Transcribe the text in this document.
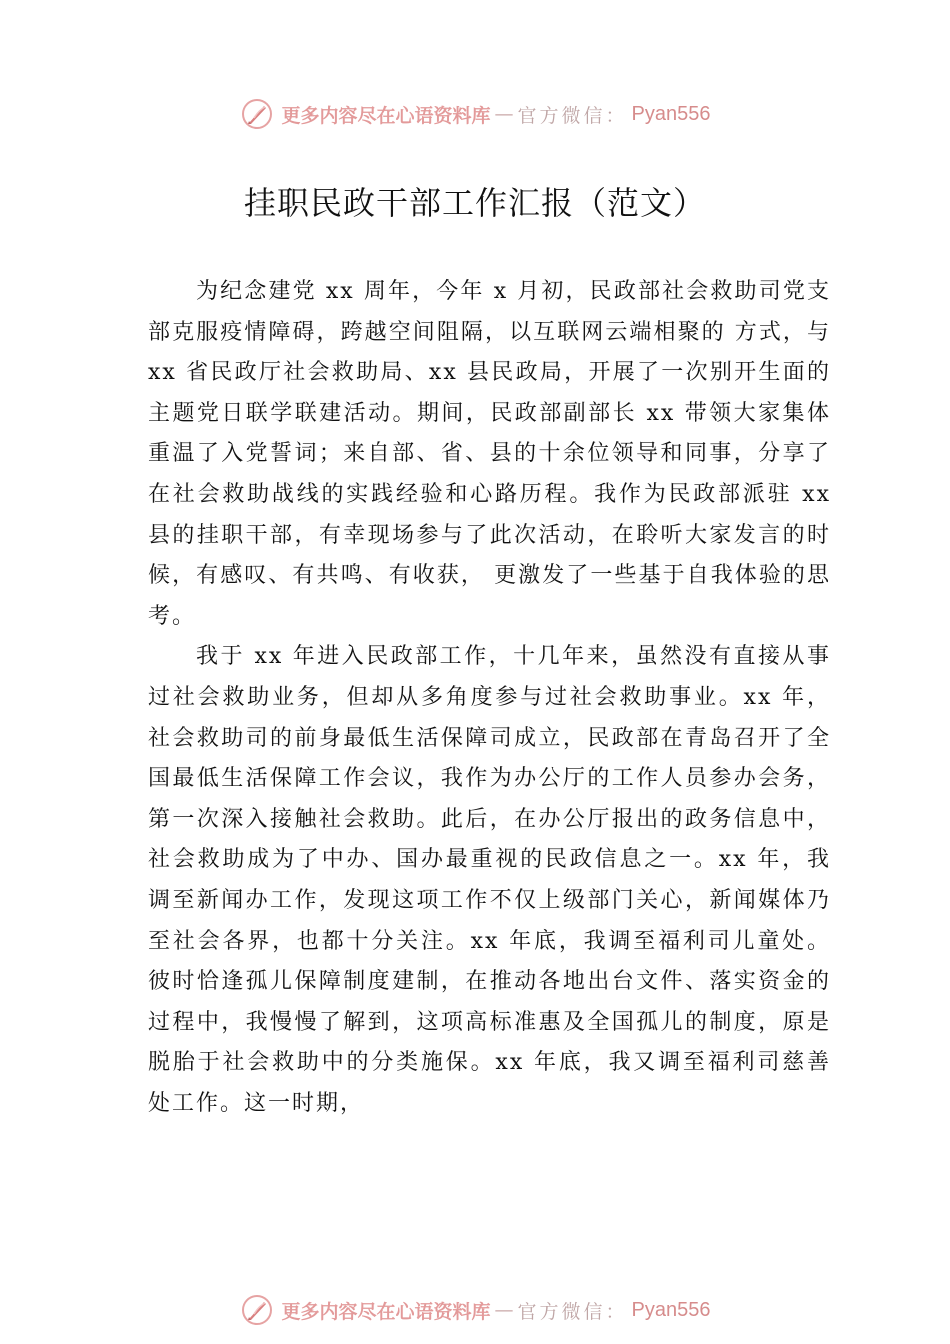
更多内容尽在心语资料库 — 官方微信： Pyan556
挂职民政干部工作汇报（范文）

为纪念建党 xx 周年，今年 x 月初，民政部社会救助司党支部克服疫情障碍，跨越空间阻隔，以互联网云端相聚的 方式，与 xx 省民政厅社会救助局、xx 县民政局，开展了一次别开生面的主题党日联学联建活动。期间，民政部副部长 xx 带领大家集体重温了入党誓词；来自部、省、县的十余位领导和同事，分享了在社会救助战线的实践经验和心路历程。我作为民政部派驻 xx 县的挂职干部，有幸现场参与了此次活动，在聆听大家发言的时候，有感叹、有共鸣、有收获， 更激发了一些基于自我体验的思考。

我于 xx 年进入民政部工作，十几年来，虽然没有直接从事过社会救助业务，但却从多角度参与过社会救助事业。xx 年，社会救助司的前身最低生活保障司成立，民政部在青岛召开了全国最低生活保障工作会议，我作为办公厅的工作人员参办会务，第一次深入接触社会救助。此后，在办公厅报出的政务信息中，社会救助成为了中办、国办最重视的民政信息之一。xx 年，我调至新闻办工作，发现这项工作不仅上级部门关心，新闻媒体乃至社会各界，也都十分关注。xx 年底，我调至福利司儿童处。彼时恰逢孤儿保障制度建制，在推动各地出台文件、落实资金的过程中，我慢慢了解到，这项高标准惠及全国孤儿的制度，原是脱胎于社会救助中的分类施保。xx 年底，我又调至福利司慈善处工作。这一时期，

更多内容尽在心语资料库 — 官方微信： Pyan556
